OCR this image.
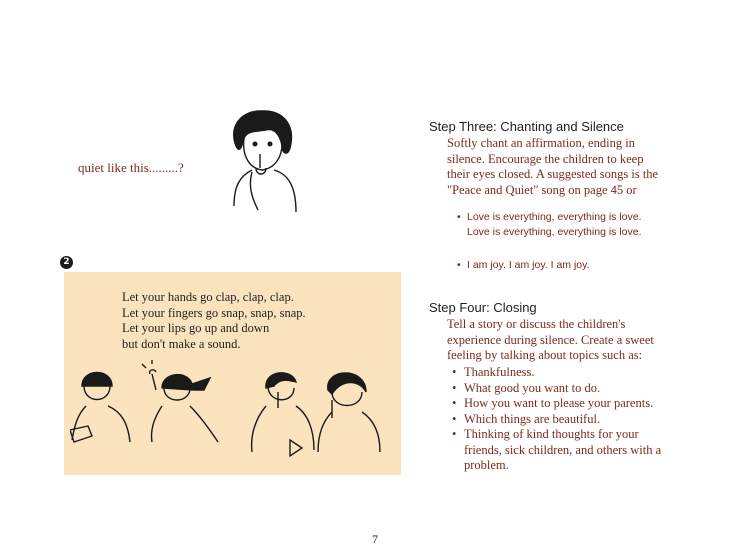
quiet like this.........?
2
Let your hands go clap, clap, clap.
Let your fingers go snap, snap, snap.
Let your lips go up and down
but don't make a sound.
Step Three: Chanting and Silence
Softly chant an affirmation, ending in
silence. Encourage the children to keep
their eyes closed. A suggested songs is the
"Peace and Quiet" song on page 45 or
• Love is everything, everything is love.
Love is everything, everything is love.
• I am joy. I am joy. I am joy.
Step Four: Closing
Tell a story or discuss the children's
experience during silence. Create a sweet
feeling by talking about topics such as:
• Thankfulness.
• What good you want to do.
• How you want to please your parents.
• Which things are beautiful.
• Thinking of kind thoughts for your
friends, sick children, and others with a
problem.
7
